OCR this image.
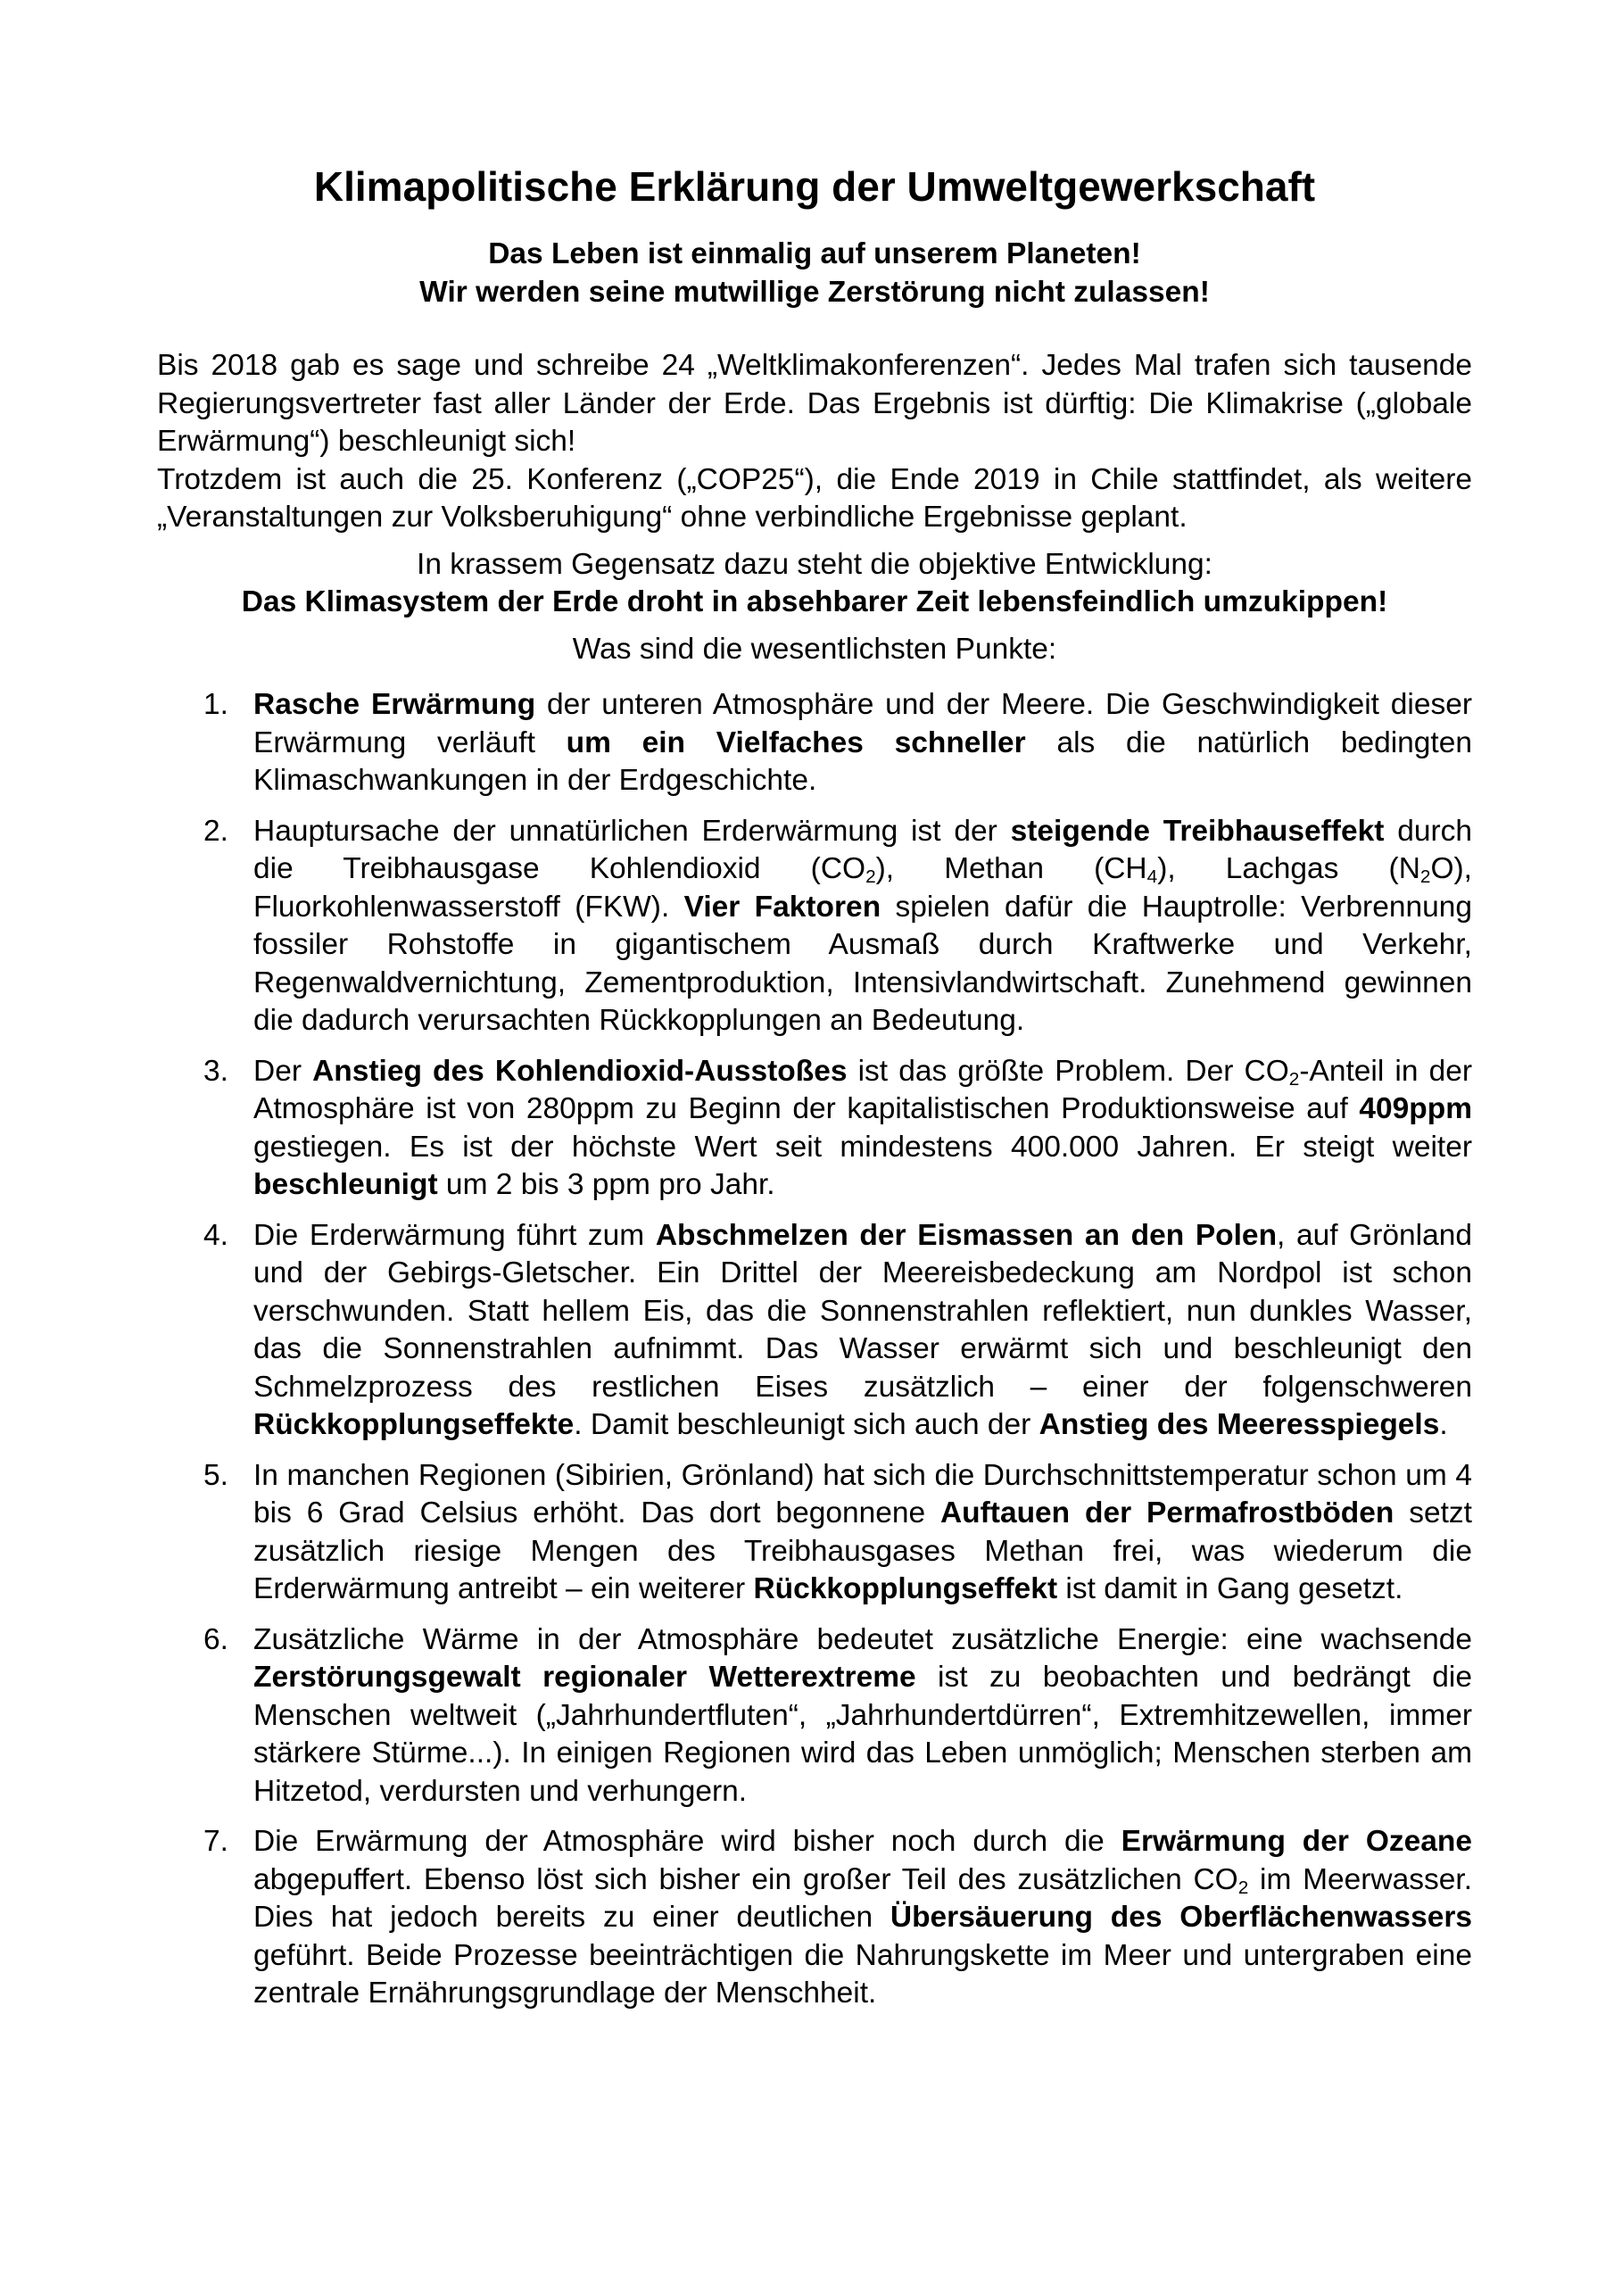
Klimapolitische Erklärung der Umweltgewerkschaft

Das Leben ist einmalig auf unserem Planeten!

Wir werden seine mutwillige Zerstörung nicht zulassen!

Bis 2018 gab es sage und schreibe 24 „Weltklimakonferenzen“. Jedes Mal trafen sich tausende Regierungsvertreter fast aller Länder der Erde. Das Ergebnis ist dürftig: Die Klimakrise („globale Erwärmung“) beschleunigt sich!

Trotzdem ist auch die 25. Konferenz („COP25“), die Ende 2019 in Chile stattfindet, als weitere „Veranstaltungen zur Volksberuhigung“ ohne verbindliche Ergebnisse geplant.

In krassem Gegensatz dazu steht die objektive Entwicklung:

Das Klimasystem der Erde droht in absehbarer Zeit lebensfeindlich umzukippen!

Was sind die wesentlichsten Punkte:

1. Rasche Erwärmung der unteren Atmosphäre und der Meere. Die Geschwindigkeit dieser Erwärmung verläuft um ein Vielfaches schneller als die natürlich bedingten Klimaschwankungen in der Erdgeschichte.
2. Hauptursache der unnatürlichen Erderwärmung ist der steigende Treibhauseffekt durch die Treibhausgase Kohlendioxid $(CO_2)$, Methan $(CH_4)$, Lachgas $(N_2O)$, Fluorkohlenwasserstoff (FKW). Vier Faktoren spielen dafür die Hauptrolle: Verbrennung fossiler Rohstoffe in gigantischem Ausmaß durch Kraftwerke und Verkehr, Regenwaldvernichtung, Zementproduktion, Intensivlandwirtschaft. Zunehmend gewinnen die dadurch verursachten Rückkopplungen an Bedeutung.
3. Der Anstieg des Kohlendioxid-Ausstoßes ist das größte Problem. Der $CO_2$-Anteil in der Atmosphäre ist von 280ppm zu Beginn der kapitalistischen Produktionsweise auf 409ppm gestiegen. Es ist der höchste Wert seit mindestens 400.000 Jahren. Er steigt weiter beschleunigt um 2 bis 3 ppm pro Jahr.
4. Die Erderwärmung führt zum Abschmelzen der Eismassen an den Polen, auf Grönland und der Gebirgs-Gletscher. Ein Drittel der Meereisbedeckung am Nordpol ist schon verschwunden. Statt hellem Eis, das die Sonnenstrahlen reflektiert, nun dunkles Wasser, das die Sonnenstrahlen aufnimmt. Das Wasser erwärmt sich und beschleunigt den Schmelzprozess des restlichen Eises zusätzlich – einer der folgenschweren Rückkopplungseffekte. Damit beschleunigt sich auch der Anstieg des Meeresspiegels.
5. In manchen Regionen (Sibirien, Grönland) hat sich die Durchschnittstemperatur schon um 4 bis 6 Grad Celsius erhöht. Das dort begonnene Auftauen der Permafrostböden setzt zusätzlich riesige Mengen des Treibhausgases Methan frei, was wiederum die Erderwärmung antreibt – ein weiterer Rückkopplungseffekt ist damit in Gang gesetzt.
6. Zusätzliche Wärme in der Atmosphäre bedeutet zusätzliche Energie: eine wachsende Zerstörungsgewalt regionaler Wetterextreme ist zu beobachten und bedrängt die Menschen weltweit („Jahrhundertfluten“, „Jahrhundertdürren“, Extremhitzewellen, immer stärkere Stürme...). In einigen Regionen wird das Leben unmöglich; Menschen sterben am Hitzetod, verdursten und verhungern.
7. Die Erwärmung der Atmosphäre wird bisher noch durch die Erwärmung der Ozeane abgepuffert. Ebenso löst sich bisher ein großer Teil des zusätzlichen $CO_2$ im Meerwasser. Dies hat jedoch bereits zu einer deutlichen Übersäuerung des Oberflächenwassers geführt. Beide Prozesse beeinträchtigen die Nahrungskette im Meer und untergraben eine zentrale Ernährungsgrundlage der Menschheit.
